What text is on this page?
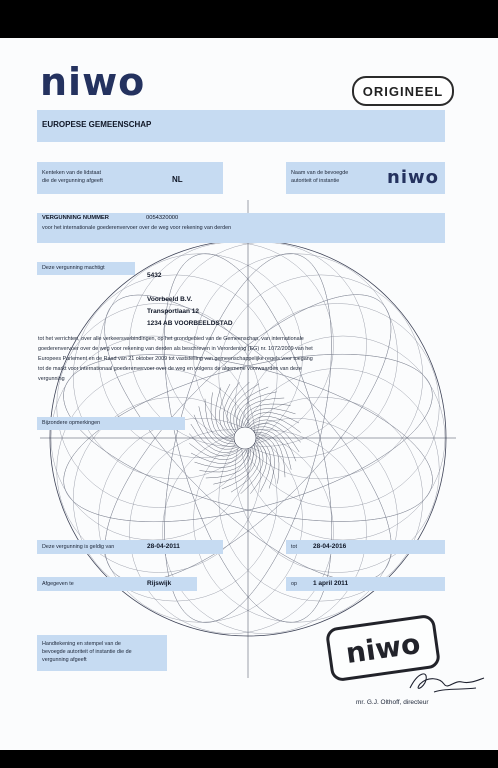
niwo	ORIGINEEL
EUROPESE GEMEENSCHAP
Kenteken van de lidstaat
die de vergunning afgeeft	NL
Naam van de bevoegde
autoriteit of instantie	niwo
VERGUNNING NUMMER	0054320000
voor het internationale goederenvervoer over de weg voor rekening van derden
Deze vergunning machtigt
5432
Voorbeeld B.V.
Transportlaan 12
1234 AB VOORBEELDSTAD
tot het verrichten, over alle verkeersverbindingen, op het grondgebied van de Gemeenschap, van internationale
goederenvervoer over de weg voor rekening van derden als beschreven in Verordening (EG) nr. 1072/2009 van het
Europees Parlement en de Raad van 21 oktober 2009 tot vaststelling van gemeenschappelijke regels voor toegang
tot de markt voor internationaal goederenvervoer over de weg en volgens de algemene voorwaarden van deze
vergunning
Bijzondere opmerkingen
Deze vergunning is geldig van	28-04-2011	tot 28-04-2016
Afgegeven te	Rijswijk	op 1 april 2011
Handtekening en stempel van de
bevoegde autoriteit of instantie die de
vergunning afgeeft	niwo
mr. G.J. Olthoff, directeur
